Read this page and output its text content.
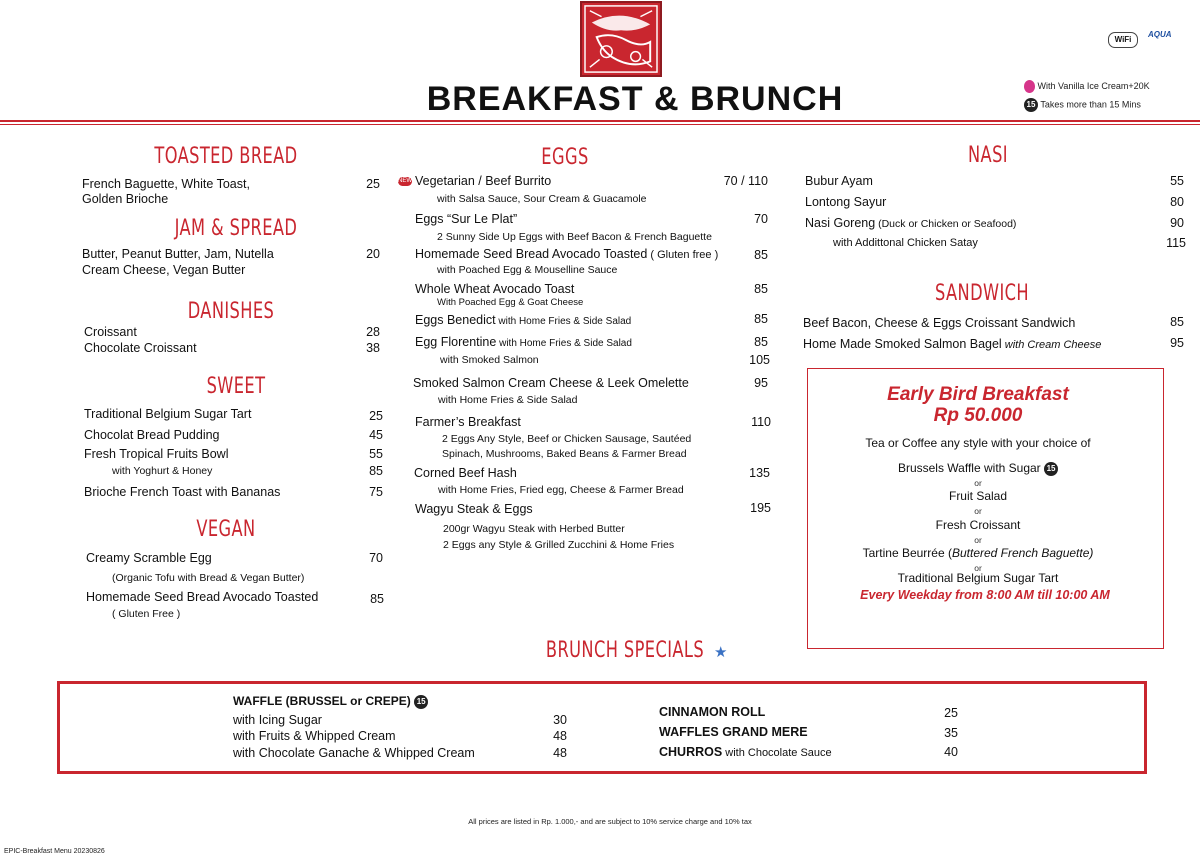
WiFi
AQUA
BREAKFAST & BRUNCH	With Vanilla Ice Cream+20K
15 Takes more than 15 Mins
TOASTED BREAD
French Baguette, White Toast,
Golden Brioche
25
JAM & SPREAD
Butter, Peanut Butter, Jam, Nutella
Cream Cheese, Vegan Butter
20
DANISHES
Croissant	28
Chocolate Croissant	38
SWEET
Traditional Belgium Sugar Tart	25
Chocolat Bread Pudding	45
Fresh Tropical Fruits Bowl	55
with Yoghurt & Honey	85
Brioche French Toast with Bananas	75
VEGAN
Creamy Scramble Egg	70
(Organic Tofu with Bread & Vegan Butter)
Homemade Seed Bread Avocado Toasted	85
( Gluten Free )
EGGS
NEW Vegetarian / Beef Burrito	70 / 110
with Salsa Sauce, Sour Cream & Guacamole
Eggs “Sur Le Plat”	70
2 Sunny Side Up Eggs with Beef Bacon & French Baguette
Homemade Seed Bread Avocado Toasted ( Gluten free )	85
with Poached Egg & Mouselline Sauce
Whole Wheat Avocado Toast	85
With Poached Egg & Goat Cheese
Eggs Benedict with Home Fries & Side Salad	85
Egg Florentine with Home Fries & Side Salad	85
with Smoked Salmon	105
Smoked Salmon Cream Cheese & Leek Omelette	95
with Home Fries & Side Salad
Farmer’s Breakfast	110
2 Eggs Any Style, Beef or Chicken Sausage, Sautéed
Spinach, Mushrooms, Baked Beans & Farmer Bread
Corned Beef Hash	135
with Home Fries, Fried egg, Cheese & Farmer Bread
Wagyu Steak & Eggs	195
200gr Wagyu Steak with Herbed Butter
2 Eggs any Style & Grilled Zucchini & Home Fries
NASI
Bubur Ayam	55
Lontong Sayur	80
Nasi Goreng (Duck or Chicken or Seafood)	90
with Addittonal Chicken Satay	115
SANDWICH
Beef Bacon, Cheese & Eggs Croissant Sandwich	85
Home Made Smoked Salmon Bagel with Cream Cheese	95
Early Bird Breakfast
Rp 50.000
Tea or Coffee any style with your choice of
Brussels Waffle with Sugar 15
or
Fruit Salad
or
Fresh Croissant
or
Tartine Beurrée (Buttered French Baguette)
or
Traditional Belgium Sugar Tart
Every Weekday from 8:00 AM till 10:00 AM
BRUNCH SPECIALS ★
WAFFLE (BRUSSEL or CREPE) 15
with Icing Sugar	30
with Fruits & Whipped Cream	48
with Chocolate Ganache & Whipped Cream	48
CINNAMON ROLL	25
WAFFLES GRAND MERE	35
CHURROS with Chocolate Sauce	40
All prices are listed in Rp. 1.000,- and are subject to 10% service charge and 10% tax
EPIC-Breakfast Menu 20230826
